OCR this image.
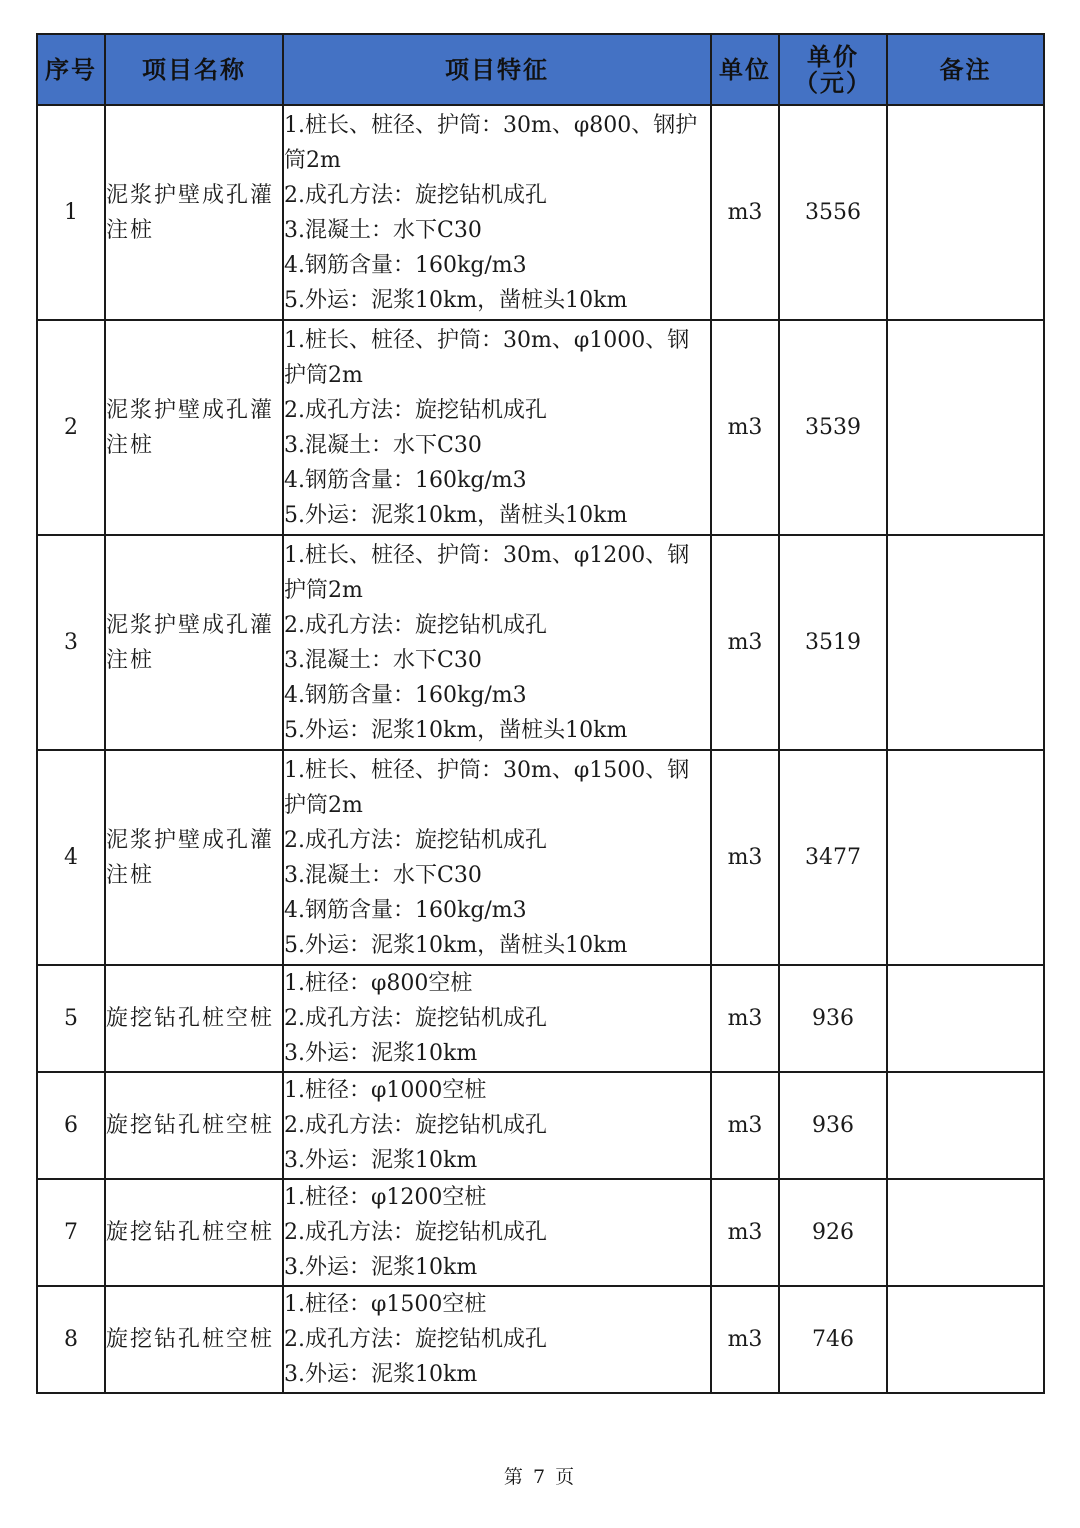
序号	项目名称	项目特征	单位	单价（元）	备注
1	泥浆护壁成孔灌注桩	1.桩长、桩径、护筒：30m、φ800、钢护筒2m
2.成孔方法：旋挖钻机成孔
3.混凝土：水下C30
4.钢筋含量：160kg/m3
5.外运：泥浆10km，凿桩头10km	m3	3556	
2	泥浆护壁成孔灌注桩	1.桩长、桩径、护筒：30m、φ1000、钢护筒2m
2.成孔方法：旋挖钻机成孔
3.混凝土：水下C30
4.钢筋含量：160kg/m3
5.外运：泥浆10km，凿桩头10km	m3	3539	
3	泥浆护壁成孔灌注桩	1.桩长、桩径、护筒：30m、φ1200、钢护筒2m
2.成孔方法：旋挖钻机成孔
3.混凝土：水下C30
4.钢筋含量：160kg/m3
5.外运：泥浆10km，凿桩头10km	m3	3519	
4	泥浆护壁成孔灌注桩	1.桩长、桩径、护筒：30m、φ1500、钢护筒2m
2.成孔方法：旋挖钻机成孔
3.混凝土：水下C30
4.钢筋含量：160kg/m3
5.外运：泥浆10km，凿桩头10km	m3	3477	
5	旋挖钻孔桩空桩	1.桩径：φ800空桩
2.成孔方法：旋挖钻机成孔
3.外运：泥浆10km	m3	936	
6	旋挖钻孔桩空桩	1.桩径：φ1000空桩
2.成孔方法：旋挖钻机成孔
3.外运：泥浆10km	m3	936	
7	旋挖钻孔桩空桩	1.桩径：φ1200空桩
2.成孔方法：旋挖钻机成孔
3.外运：泥浆10km	m3	926	
8	旋挖钻孔桩空桩	1.桩径：φ1500空桩
2.成孔方法：旋挖钻机成孔
3.外运：泥浆10km	m3	746	
第 7 页
